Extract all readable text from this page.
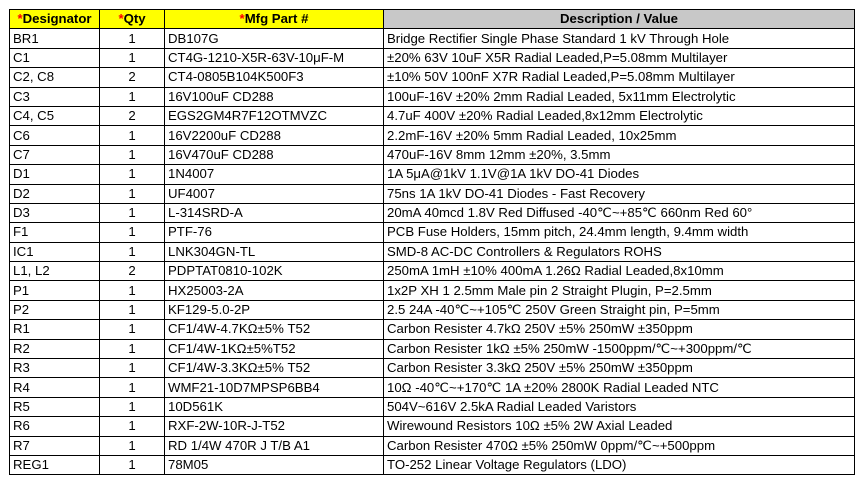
*Designator	*Qty	*Mfg Part #	Description / Value
BR1	1	DB107G	Bridge Rectifier Single Phase Standard 1 kV Through Hole
C1	1	CT4G-1210-X5R-63V-10μF-M	±20% 63V 10uF X5R Radial Leaded,P=5.08mm Multilayer
C2, C8	2	CT4-0805B104K500F3	±10% 50V 100nF X7R Radial Leaded,P=5.08mm Multilayer
C3	1	16V100uF CD288	100uF-16V ±20% 2mm Radial Leaded, 5x11mm Electrolytic
C4, C5	2	EGS2GM4R7F12OTMVZC	4.7uF 400V ±20% Radial Leaded,8x12mm Electrolytic
C6	1	16V2200uF CD288	2.2mF-16V ±20% 5mm Radial Leaded, 10x25mm
C7	1	16V470uF CD288	470uF-16V 8mm 12mm ±20%, 3.5mm
D1	1	1N4007	1A 5μA@1kV 1.1V@1A 1kV DO-41 Diodes
D2	1	UF4007	75ns 1A 1kV DO-41 Diodes - Fast Recovery
D3	1	L-314SRD-A	20mA 40mcd 1.8V Red Diffused -40℃~+85℃ 660nm Red 60°
F1	1	PTF-76	PCB Fuse Holders, 15mm pitch, 24.4mm length, 9.4mm width
IC1	1	LNK304GN-TL	SMD-8 AC-DC Controllers & Regulators ROHS
L1, L2	2	PDPTAT0810-102K	250mA 1mH ±10% 400mA 1.26Ω Radial Leaded,8x10mm
P1	1	HX25003-2A	1x2P XH 1 2.5mm Male pin 2 Straight Plugin, P=2.5mm
P2	1	KF129-5.0-2P	2.5 24A -40℃~+105℃ 250V Green Straight pin, P=5mm
R1	1	CF1/4W-4.7KΩ±5% T52	Carbon Resister 4.7kΩ 250V ±5% 250mW ±350ppm
R2	1	CF1/4W-1KΩ±5%T52	Carbon Resister 1kΩ ±5% 250mW -1500ppm/℃~+300ppm/℃
R3	1	CF1/4W-3.3KΩ±5% T52	Carbon Resister 3.3kΩ 250V ±5% 250mW ±350ppm
R4	1	WMF21-10D7MPSP6BB4	10Ω -40℃~+170℃ 1A ±20% 2800K Radial Leaded NTC
R5	1	10D561K	504V~616V 2.5kA Radial Leaded Varistors
R6	1	RXF-2W-10R-J-T52	Wirewound Resistors 10Ω ±5% 2W Axial Leaded
R7	1	RD 1/4W 470R J T/B A1	Carbon Resister 470Ω ±5% 250mW 0ppm/℃~+500ppm
REG1	1	78M05	TO-252 Linear Voltage Regulators (LDO)
